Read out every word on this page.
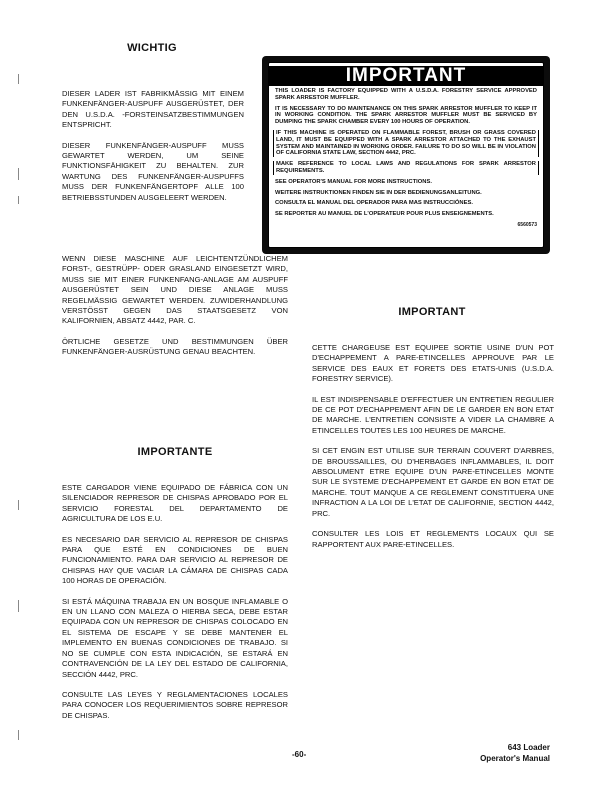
WICHTIG

DIESER LADER IST FABRIKMÄSSIG MIT EINEM FUNKENFÄNGER-AUSPUFF AUSGERÜSTET, DER DEN U.S.D.A. -FORSTEINSATZBESTIMMUNGEN ENTSPRICHT.

DIESER FUNKENFÄNGER-AUSPUFF MUSS GEWARTET WERDEN, UM SEINE FUNKTIONSFÄHIGKEIT ZU BEHALTEN. ZUR WARTUNG DES FUNKENFÄNGER-AUSPUFFS MUSS DER FUNKENFÄNGERTOPF ALLE 100 BETRIEBSSTUNDEN AUSGELEERT WERDEN.

WENN DIESE MASCHINE AUF LEICHTENTZÜNDLICHEM FORST-, GESTRÜPP- ODER GRASLAND EINGESETZT WIRD, MUSS SIE MIT EINER FUNKENFANG-ANLAGE AM AUSPUFF AUSGERÜSTET SEIN UND DIESE ANLAGE MUSS REGELMÄSSIG GEWARTET WERDEN. ZUWIDERHANDLUNG VERSTÖSST GEGEN DAS STAATSGESETZ VON KALIFORNIEN, ABSATZ 4442, PAR. C.

ÖRTLICHE GESETZE UND BESTIMMUNGEN ÜBER FUNKENFÄNGER-AUSRÜSTUNG GENAU BEACHTEN.

IMPORTANT

THIS LOADER IS FACTORY EQUIPPED WITH A U.S.D.A. FORESTRY SERVICE APPROVED SPARK ARRESTOR MUFFLER.

IT IS NECESSARY TO DO MAINTENANCE ON THIS SPARK ARRESTOR MUFFLER TO KEEP IT IN WORKING CONDITION. THE SPARK ARRESTOR MUFFLER MUST BE SERVICED BY DUMPING THE SPARK CHAMBER EVERY 100 HOURS OF OPERATION.

IF THIS MACHINE IS OPERATED ON FLAMMABLE FOREST, BRUSH OR GRASS COVERED LAND, IT MUST BE EQUIPPED WITH A SPARK ARRESTOR ATTACHED TO THE EXHAUST SYSTEM AND MAINTAINED IN WORKING ORDER. FAILURE TO DO SO WILL BE IN VIOLATION OF CALIFORNIA STATE LAW, SECTION 4442, PRC.

MAKE REFERENCE TO LOCAL LAWS AND REGULATIONS FOR SPARK ARRESTOR REQUIREMENTS.

SEE OPERATOR'S MANUAL FOR MORE INSTRUCTIONS.

WEITERE INSTRUKTIONEN FINDEN SIE IN DER BEDIENUNGSANLEITUNG.

CONSULTA EL MANUAL DEL OPERADOR PARA MAS INSTRUCCIÓNES.

SE REPORTER AU MANUEL DE L'OPERATEUR POUR PLUS ENSEIGNEMENTS.

6560573

IMPORTANT

CETTE CHARGEUSE EST EQUIPEE SORTIE USINE D'UN POT D'ECHAPPEMENT A PARE-ETINCELLES APPROUVE PAR LE SERVICE DES EAUX ET FORETS DES ETATS-UNIS (U.S.D.A. FORESTRY SERVICE).

IL EST INDISPENSABLE D'EFFECTUER UN ENTRETIEN REGULIER DE CE POT D'ECHAPPEMENT AFIN DE LE GARDER EN BON ETAT DE MARCHE. L'ENTRETIEN CONSISTE A VIDER LA CHAMBRE A ETINCELLES TOUTES LES 100 HEURES DE MARCHE.

SI CET ENGIN EST UTILISE SUR TERRAIN COUVERT D'ARBRES, DE BROUSSAILLES, OU D'HERBAGES INFLAMMABLES, IL DOIT ABSOLUMENT ETRE EQUIPE D'UN PARE-ETINCELLES MONTE SUR LE SYSTEME D'ECHAPPEMENT ET GARDE EN BON ETAT DE MARCHE. TOUT MANQUE A CE REGLEMENT CONSTITUERA UNE INFRACTION A LA LOI DE L'ETAT DE CALIFORNIE, SECTION 4442, PRC.

CONSULTER LES LOIS ET REGLEMENTS LOCAUX QUI SE RAPPORTENT AUX PARE-ETINCELLES.

IMPORTANTE

ESTE CARGADOR VIENE EQUIPADO DE FÁBRICA CON UN SILENCIADOR REPRESOR DE CHISPAS APROBADO POR EL SERVICIO FORESTAL DEL DEPARTAMENTO DE AGRICULTURA DE LOS E.U.

ES NECESARIO DAR SERVICIO AL REPRESOR DE CHISPAS PARA QUE ESTÉ EN CONDICIONES DE BUEN FUNCIONAMIENTO. PARA DAR SERVICIO AL REPRESOR DE CHISPAS HAY QUE VACIAR LA CÁMARA DE CHISPAS CADA 100 HORAS DE OPERACIÓN.

SI ESTÁ MÁQUINA TRABAJA EN UN BOSQUE INFLAMABLE O EN UN LLANO CON MALEZA O HIERBA SECA, DEBE ESTAR EQUIPADA CON UN REPRESOR DE CHISPAS COLOCADO EN EL SISTEMA DE ESCAPE Y SE DEBE MANTENER EL IMPLEMENTO EN BUENAS CONDICIONES DE TRABAJO. SI NO SE CUMPLE CON ESTA INDICACIÓN, SE ESTARÁ EN CONTRAVENCIÓN DE LA LEY DEL ESTADO DE CALIFORNIA, SECCIÓN 4442, PRC.

CONSULTE LAS LEYES Y REGLAMENTACIONES LOCALES PARA CONOCER LOS REQUERIMIENTOS SOBRE REPRESOR DE CHISPAS.

-60-
643 Loader
Operator's Manual
